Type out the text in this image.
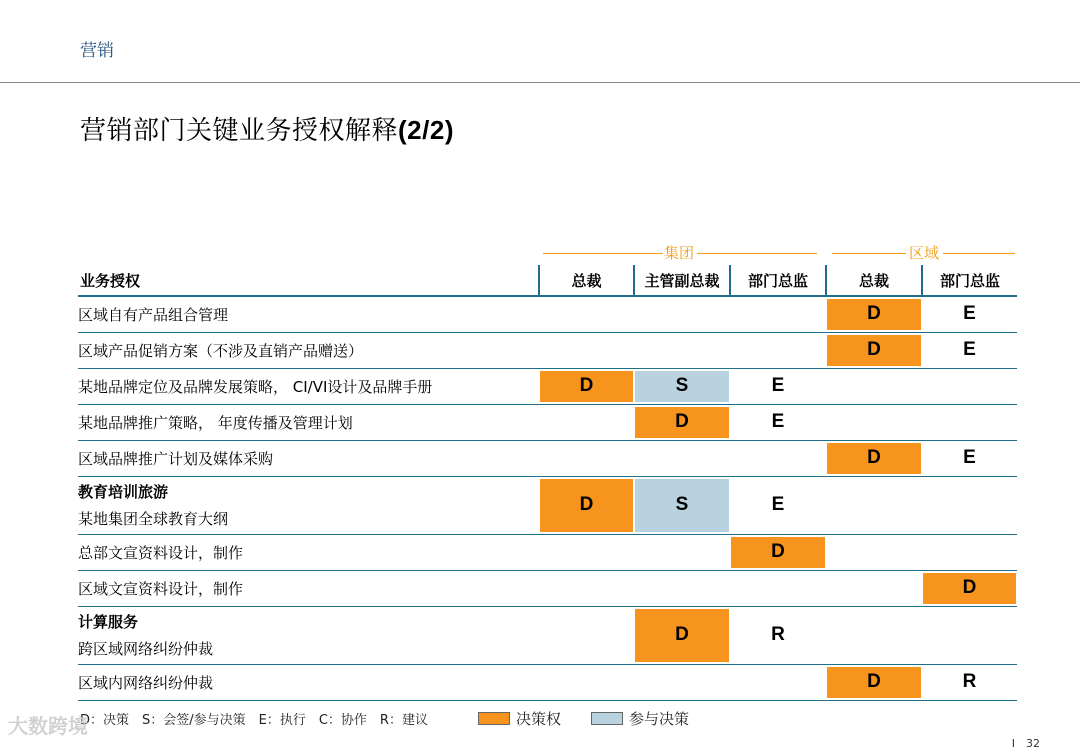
营销
营销部门关键业务授权解释(2/2)
集团	区域
业务授权	总裁	主管副总裁	部门总监	总裁	部门总监
区域自有产品组合管理				D	E

区域产品促销方案（不涉及直销产品赠送）				D	E

某地品牌定位及品牌发展策略， CI/VI设计及品牌手册	D	S	E		

某地品牌推广策略， 年度传播及管理计划		D	E		

区域品牌推广计划及媒体采购				D	E

教育培训旅游
某地集团全球教育大纲	D	S	E		

总部文宣资料设计，制作			D		

区域文宣资料设计，制作					D

计算服务
跨区域网络纠纷仲裁		D	R		

区域内网络纠纷仲裁				D	R
D：决策　S：会签/参与决策　E：执行　C：协作　R：建议	决策权	参与决策
大数跨境
I　32
